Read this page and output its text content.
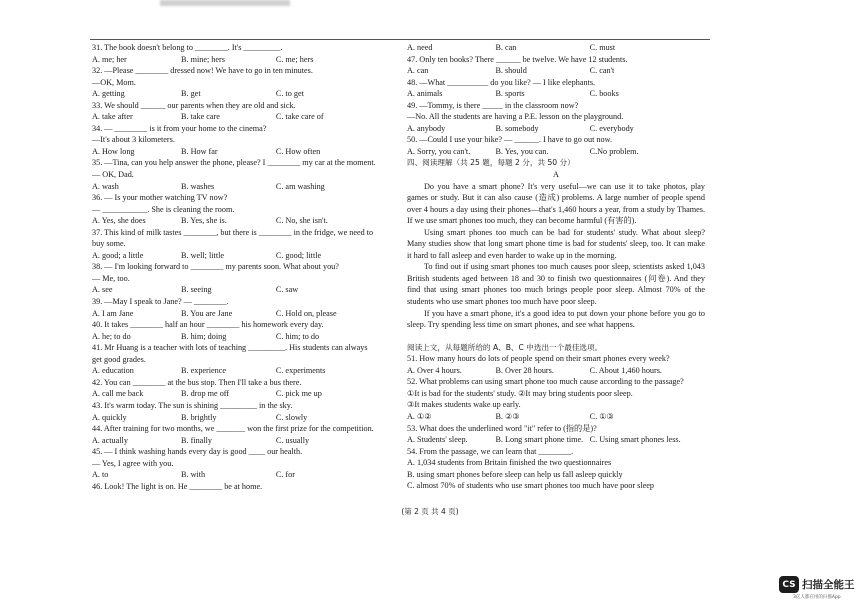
31. The book doesn't belong to ________. It's _________.
A. me; her	B. mine; hers	C. me; hers
32. —Please ________ dressed now! We have to go in ten minutes.
—OK, Mom.
A. getting	B. get	C. to get
33. We should ______ our parents when they are old and sick.
A. take after	B. take care	C. take care of
34. — ________ is it from your home to the cinema?
—It's about 3 kilometers.
A. How long	B. How far	C. How often
35. —Tina, can you help answer the phone, please? I ________ my car at the moment.
— OK, Dad.
A. wash	B. washes	C. am washing
36. — Is your mother watching TV now?
— ___________. She is cleaning the room.
A. Yes, she does	B. Yes, she is.	C. No, she isn't.
37. This kind of milk tastes ________, but there is ________ in the fridge, we need to
buy some.
A. good; a little	B. well; little	C. good; little
38. — I'm looking forward to ________ my parents soon. What about you?
— Me, too.
A. see	B. seeing	C. saw
39. —May I speak to Jane? — ________.
A. I am Jane	B. You are Jane	C. Hold on, please
40. It takes ________ half an hour ________ his homework every day.
A. he; to do	B. him; doing	C. him; to do
41. Mr Huang is a teacher with lots of teaching _________. His students can always
get good grades.
A. education	B. experience	C. experiments
42. You can ________ at the bus stop. Then I'll take a bus there.
A. call me back	B. drop me off	C. pick me up
43. It's warm today. The sun is shining _________ in the sky.
A. quickly	B. brightly	C. slowly
44. After training for two months, we _______ won the first prize for the competition.
A. actually	B. finally	C. usually
45. — I think washing hands every day is good ____ our health.
— Yes, I agree with you.
A. to	B. with	C. for
46. Look! The light is on. He ________ be at home.
A. need	B. can	C. must
47. Only ten books? There ______ be twelve. We have 12 students.
A. can	B. should	C. can't
48. —What __________ do you like? — I like elephants.
A. animals	B. sports	C. books
49. —Tommy, is there _____ in the classroom now?
—No. All the students are having a P.E. lesson on the playground.
A. anybody	B. somebody	C. everybody
50. —Could I use your bike? — ______. I have to go out now.
A. Sorry, you can't.	B. Yes, you can.	C.No problem.
四、阅读理解（共 25 题，每题 2 分，共 50 分）
A
Do you have a smart phone? It's very useful—we can use it to take photos, play games or study. But it can also cause (造成) problems. A large number of people spend over 4 hours a day using their phones—that's 1,460 hours a year, from a study by Thames. If we use smart phones too much, they can become harmful (有害的).
Using smart phones too much can be bad for students' study. What about sleep? Many studies show that long smart phone time is bad for students' sleep, too. It can make it hard to fall asleep and even harder to wake up in the morning.
To find out if using smart phones too much causes poor sleep, scientists asked 1,043 British students aged between 18 and 30 to finish two questionnaires (问卷). And they find that using smart phones too much brings people poor sleep. Almost 70% of the students who use smart phones too much have poor sleep.
If you have a smart phone, it's a good idea to put down your phone before you go to sleep. Try spending less time on smart phones, and see what happens.
阅读上文，从每题所给的 A、B、C 中选出一个最佳选项。
51. How many hours do lots of people spend on their smart phones every week?
A. Over 4 hours.	B. Over 28 hours.	C. About 1,460 hours.
52. What problems can using smart phone too much cause according to the passage?
①It is bad for the students' study. ②It may bring students poor sleep.
③It makes students wake up early.
A. ①②	B. ②③	C. ①③
53. What does the underlined word "it" refer to (指的是)?
A. Students' sleep.	B. Long smart phone time. C. Using smart phones less.
54. From the passage, we can learn that ________.
A. 1,034 students from Britain finished the two questionnaires
B. using smart phones before sleep can help us fall asleep quickly
C. almost 70% of students who use smart phones too much have poor sleep
(第 2 页 共 4 页)
CS 扫描全能王
3亿人都在用的扫描App
